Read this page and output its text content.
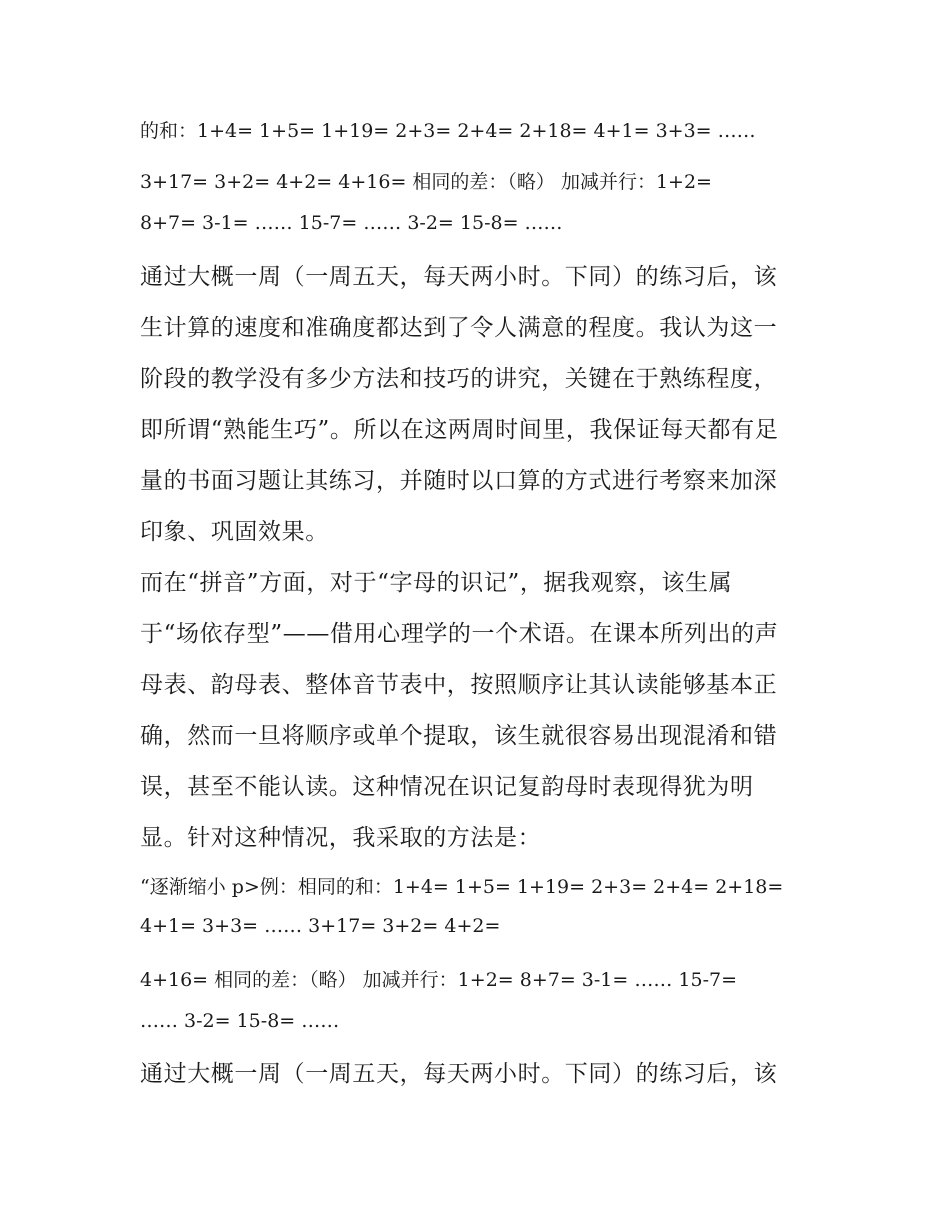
的和：1+4= 1+5= 1+19= 2+3= 2+4= 2+18= 4+1= 3+3= ……
3+17= 3+2= 4+2= 4+16= 相同的差：（略） 加减并行：1+2=
8+7= 3-1= …… 15-7= …… 3-2= 15-8= ……
通过大概一周（一周五天，每天两小时。下同）的练习后，该
生计算的速度和准确度都达到了令人满意的程度。我认为这一
阶段的教学没有多少方法和技巧的讲究，关键在于熟练程度，
即所谓“熟能生巧”。所以在这两周时间里，我保证每天都有足
量的书面习题让其练习，并随时以口算的方式进行考察来加深
印象、巩固效果。
而在“拼音”方面，对于“字母的识记”，据我观察，该生属
于“场依存型”——借用心理学的一个术语。在课本所列出的声
母表、韵母表、整体音节表中，按照顺序让其认读能够基本正
确，然而一旦将顺序或单个提取，该生就很容易出现混淆和错
误，甚至不能认读。这种情况在识记复韵母时表现得犹为明
显。针对这种情况，我采取的方法是：
“逐渐缩小 p>例：相同的和：1+4= 1+5= 1+19= 2+3= 2+4= 2+18=
4+1= 3+3= …… 3+17= 3+2= 4+2=
4+16= 相同的差：（略） 加减并行：1+2= 8+7= 3-1= …… 15-7=
…… 3-2= 15-8= ……
通过大概一周（一周五天，每天两小时。下同）的练习后，该
